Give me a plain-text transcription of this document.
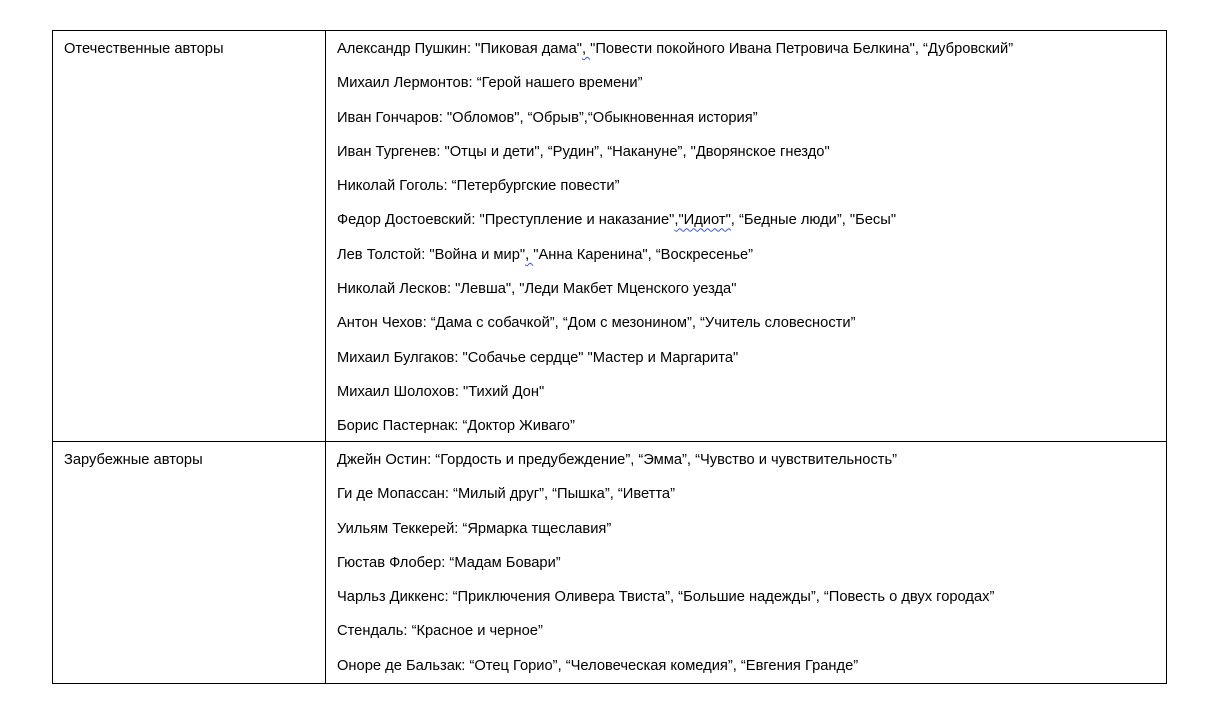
Отечественные авторы	Александр Пушкин: "Пиковая дама", "Повести покойного Ивана Петровича Белкина", “Дубровский”

Михаил Лермонтов: “Герой нашего времени”

Иван Гончаров: "Обломов", “Обрыв”,“Обыкновенная история”

Иван Тургенев: "Отцы и дети", “Рудин”, “Накануне”, "Дворянское гнездо"

Николай Гоголь: “Петербургские повести”

Федор Достоевский: "Преступление и наказание","Идиот", “Бедные люди”, "Бесы"

Лев Толстой: "Война и мир", "Анна Каренина", “Воскресенье”

Николай Лесков: "Левша", "Леди Макбет Мценского уезда"

Антон Чехов: “Дама с собачкой”, “Дом с мезонином”, “Учитель словесности”

Михаил Булгаков: "Собачье сердце" "Мастер и Маргарита"

Михаил Шолохов: "Тихий Дон"

Борис Пастернак: “Доктор Живаго”

Зарубежные авторы	Джейн Остин: “Гордость и предубеждение”, “Эмма”, “Чувство и чувствительность”

Ги де Мопассан: “Милый друг”, “Пышка”, “Иветта”

Уильям Теккерей: “Ярмарка тщеславия”

Гюстав Флобер: “Мадам Бовари”

Чарльз Диккенс: “Приключения Оливера Твиста”, “Большие надежды”, “Повесть о двух городах”

Стендаль: “Красное и черное”

Оноре де Бальзак: “Отец Горио”, “Человеческая комедия”, “Евгения Гранде”
